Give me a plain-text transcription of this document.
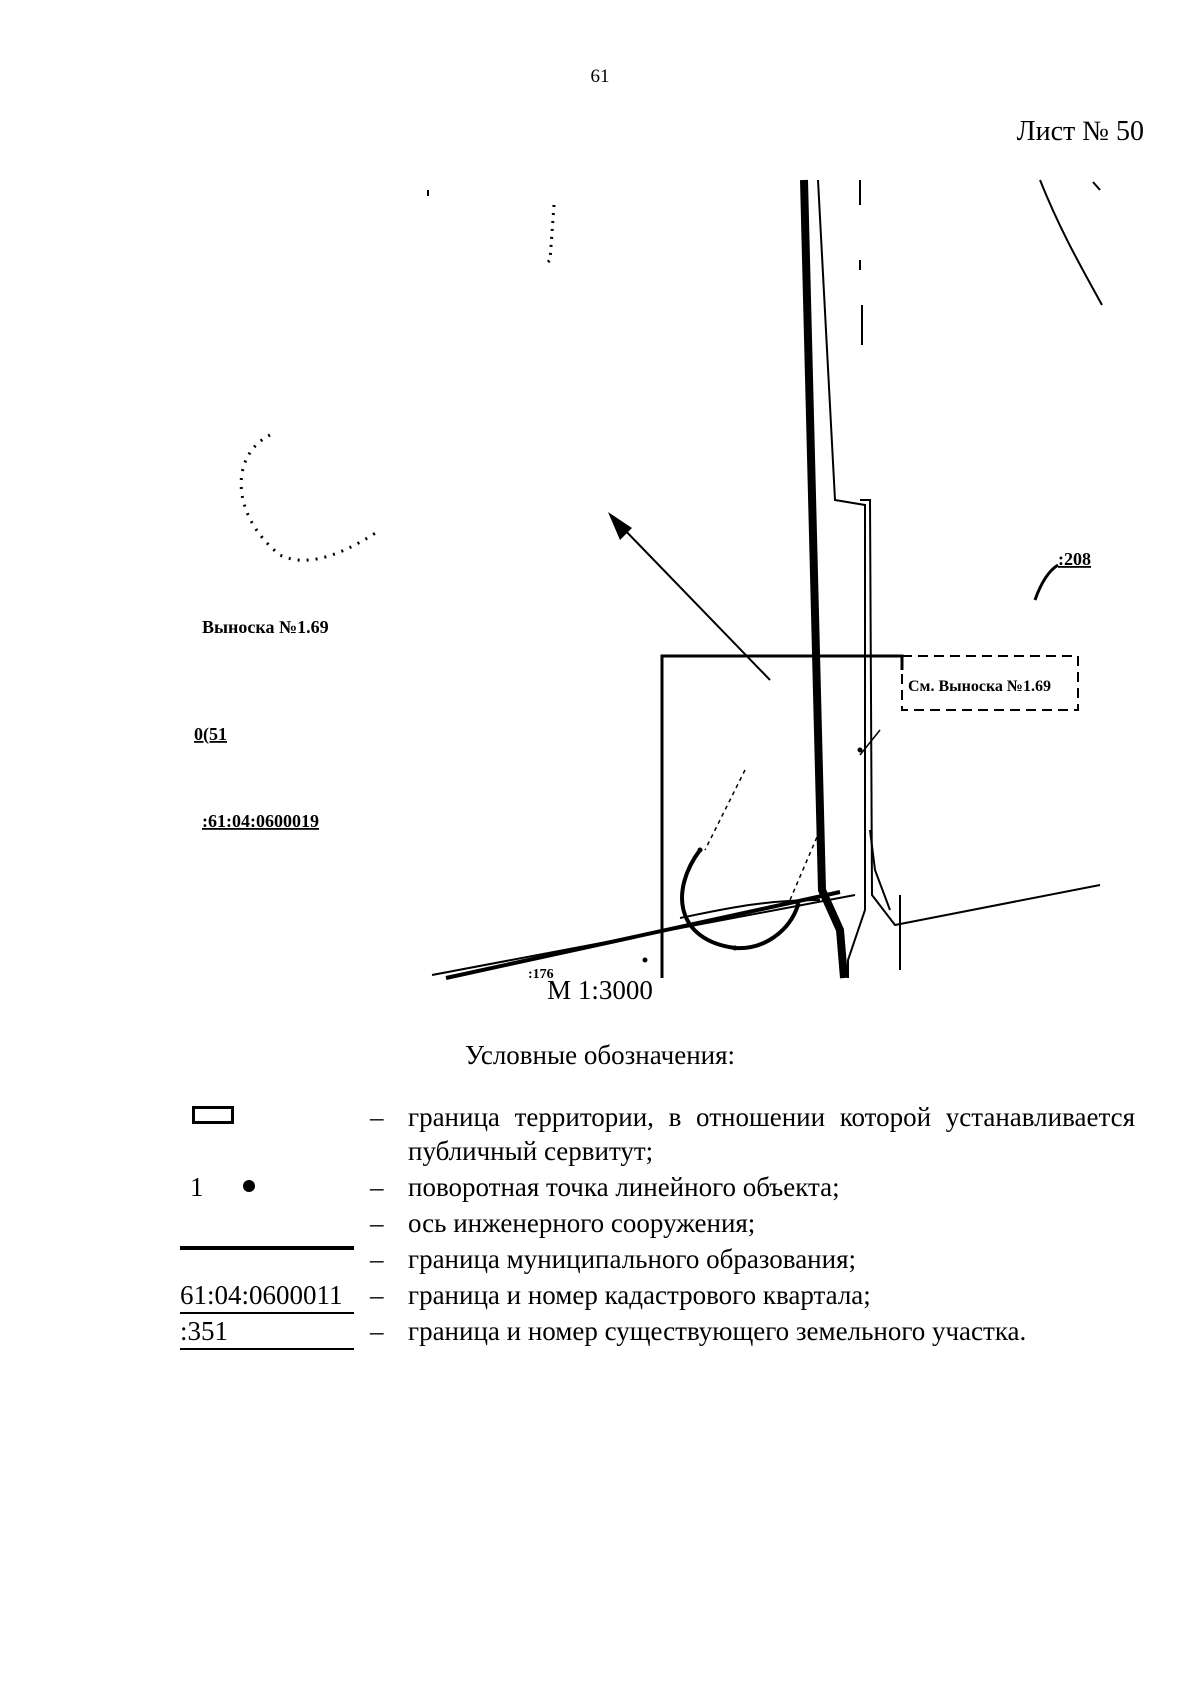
61
Лист № 50
Выноска №1.69
0(51
:61:04:0600019
См. Выноска №1.69
:208
:176
М 1:3000
Условные обозначения:
– граница территории, в отношении которой устанавливается публичный сервитут;
1	– поворотная точка линейного объекта;
– ось инженерного сооружения;
– граница муниципального образования;
61:04:0600011	– граница и номер кадастрового квартала;
:351	– граница и номер существующего земельного участка.
